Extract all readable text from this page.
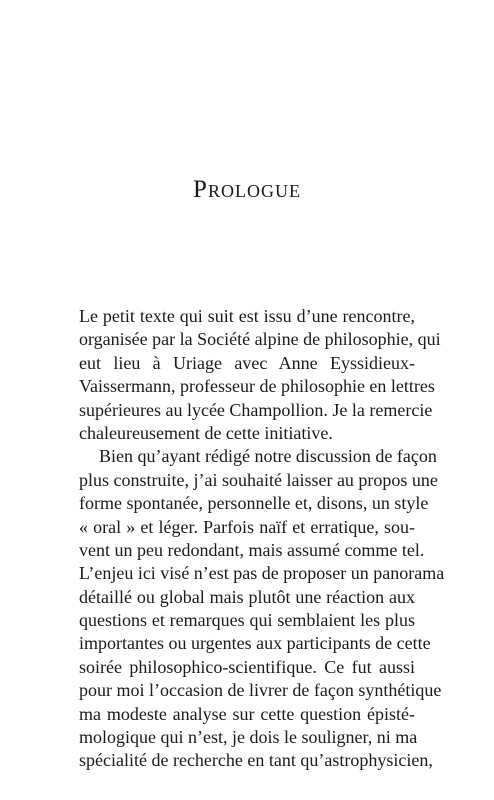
Prologue
Le petit texte qui suit est issu d’une rencontre,
organisée par la Société alpine de philosophie, qui
eut lieu à Uriage avec Anne Eyssidieux-
Vaissermann, professeur de philosophie en lettres
supérieures au lycée Champollion. Je la remercie
chaleureusement de cette initiative.
Bien qu’ayant rédigé notre discussion de façon
plus construite, j’ai souhaité laisser au propos une
forme spontanée, personnelle et, disons, un style
« oral » et léger. Parfois naïf et erratique, sou-
vent un peu redondant, mais assumé comme tel.
L’enjeu ici visé n’est pas de proposer un panorama
détaillé ou global mais plutôt une réaction aux
questions et remarques qui semblaient les plus
importantes ou urgentes aux participants de cette
soirée philosophico-scientifique. Ce fut aussi
pour moi l’occasion de livrer de façon synthétique
ma modeste analyse sur cette question épisté-
mologique qui n’est, je dois le souligner, ni ma
spécialité de recherche en tant qu’astrophysicien,
